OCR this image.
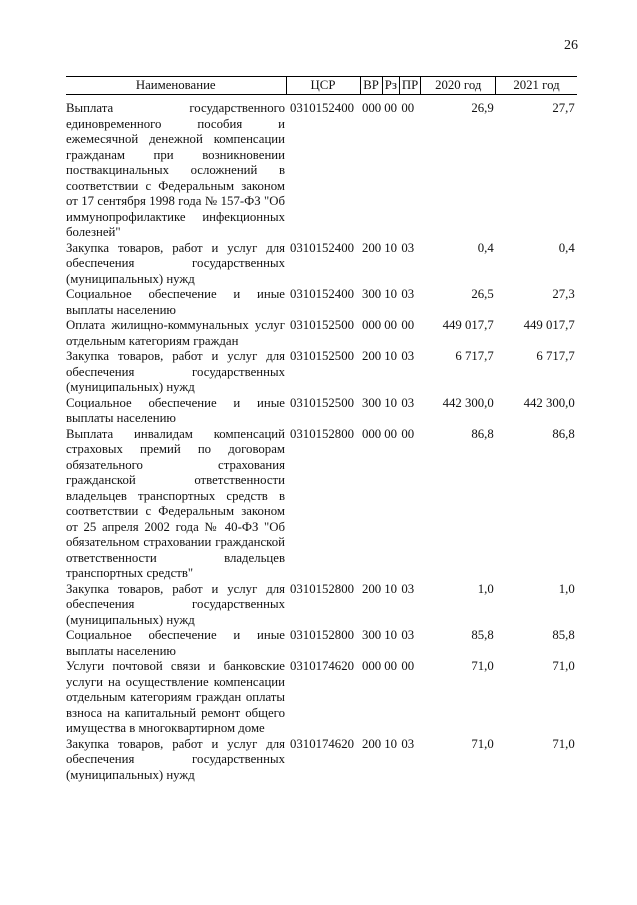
26
Наименование	ЦСР	ВР	Рз	ПР	2020 год	2021 год
Выплата государственного единовременного пособия и ежемесячной денежной компенсации гражданам при возникновении поствакцинальных осложнений в соответствии с Федеральным законом от 17 сентября 1998 года № 157-ФЗ "Об иммунопрофилактике инфекционных болезней"	0310152400	000	00	00	26,9	27,7
Закупка товаров, работ и услуг для обеспечения государственных (муниципальных) нужд	0310152400	200	10	03	0,4	0,4
Социальное обеспечение и иные выплаты населению	0310152400	300	10	03	26,5	27,3
Оплата жилищно-коммунальных услуг отдельным категориям граждан	0310152500	000	00	00	449 017,7	449 017,7
Закупка товаров, работ и услуг для обеспечения государственных (муниципальных) нужд	0310152500	200	10	03	6 717,7	6 717,7
Социальное обеспечение и иные выплаты населению	0310152500	300	10	03	442 300,0	442 300,0
Выплата инвалидам компенсаций страховых премий по договорам обязательного страхования гражданской ответственности владельцев транспортных средств в соответствии с Федеральным законом от 25 апреля 2002 года № 40-ФЗ "Об обязательном страховании гражданской ответственности владельцев транспортных средств"	0310152800	000	00	00	86,8	86,8
Закупка товаров, работ и услуг для обеспечения государственных (муниципальных) нужд	0310152800	200	10	03	1,0	1,0
Социальное обеспечение и иные выплаты населению	0310152800	300	10	03	85,8	85,8
Услуги почтовой связи и банковские услуги на осуществление компенсации отдельным категориям граждан оплаты взноса на капитальный ремонт общего имущества в многоквартирном доме	0310174620	000	00	00	71,0	71,0
Закупка товаров, работ и услуг для обеспечения государственных (муниципальных) нужд	0310174620	200	10	03	71,0	71,0
